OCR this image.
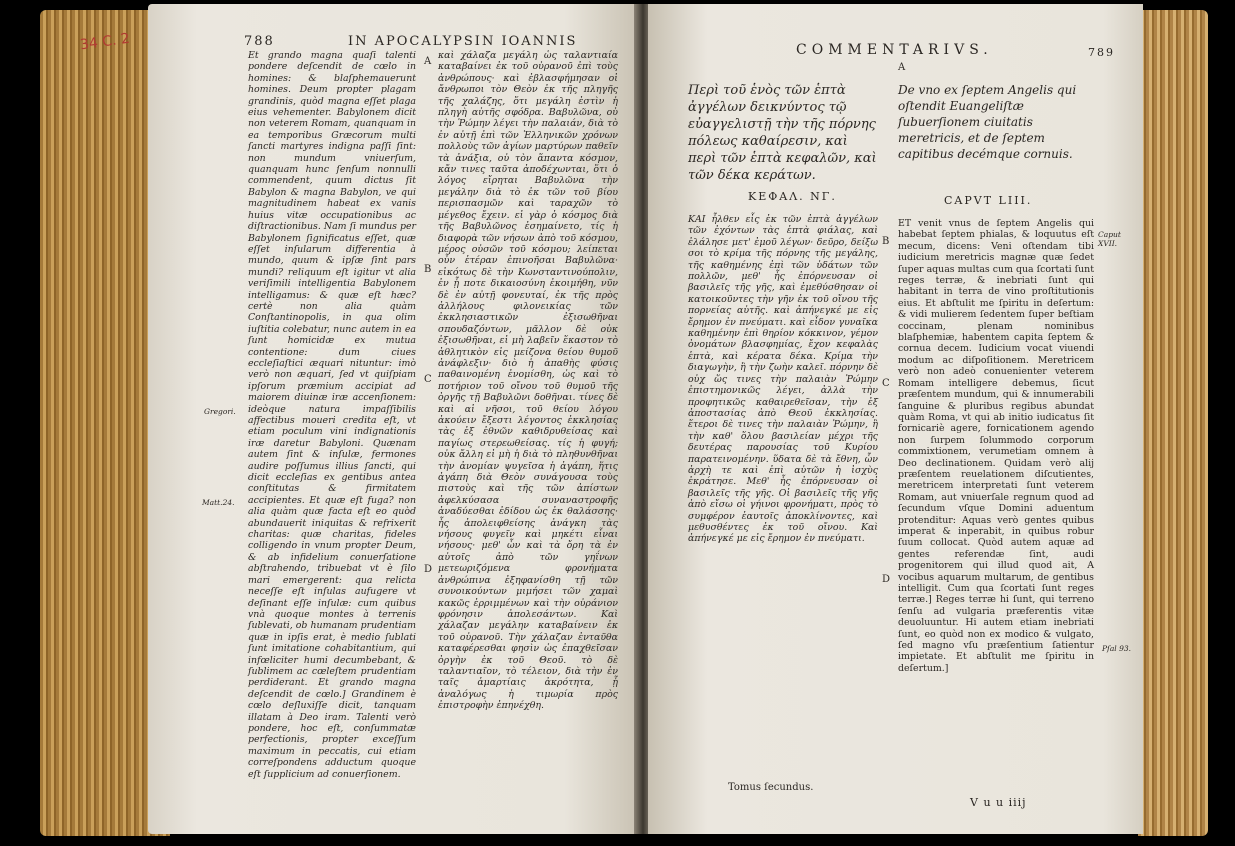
34 C. 2	788	IN APOCALYPSIN IOANNIS
Et grando magna quaſi talenti pondere deſcendit de cœlo in homines: & blaſphemauerunt homines. Deum propter plagam grandinis, quòd magna eſſet plaga eius vehementer. Babylonem dicit non veterem Romam, quanquam in ea temporibus Græcorum multi ſancti martyres indigna paſſi ſint: non mundum vniuerſum, quanquam hunc ſenſum nonnulli commendent, quum dictus ſit Babylon & magna Babylon, ve qui magnitudinem habeat ex vanis huius vitæ occupationibus ac diſtractionibus. Nam ſi mundus per Babylonem ſignificatus eſſet, quæ eſſet inſularum differentia à mundo, quum & ipſæ ſint pars mundi? reliquum eſt igitur vt alia veriſimili intelligentia Babylonem intelligamus: & quæ eſt hæc? certè non alia quàm Conſtantinopolis, in qua olim iuſtitia colebatur, nunc autem in ea ſunt homicidæ ex mutua contentione: dum ciues eccleſiaſtici æquari nituntur: imò verò non æquari, ſed vt quiſpiam ipſorum præmium accipiat ad maiorem diuinæ iræ accenſionem: ideòque natura impaſſibilis affectibus moueri credita eſt, vt etiam poculum vini indignationis iræ daretur Babyloni. Quænam autem ſint & inſulæ, fermones audire poſſumus illius ſancti, qui dicit eccleſias ex gentibus antea conſtitutas & firmitatem accipientes. Et quæ eſt fuga? non alia quàm quæ facta eſt eo quòd abundauerit iniquitas & refrixerit charitas: quæ charitas, fideles colligendo in vnum propter Deum, & ab infidelium conuerſatione abſtrahendo, tribuebat vt è ſilo mari emergerent: qua relicta neceſſe eſt inſulas aufugere vt deſinant eſſe inſulæ: cum quibus vnà quoque montes à terrenis ſublevati, ob humanam prudentiam quæ in ipſis erat, è medio ſublati ſunt imitatione cohabitantium, qui infœliciter humi decumbebant, & ſublimem ac cœleſtem prudentiam perdiderant. Et grando magna deſcendit de cœlo.] Grandinem è cœlo deſluxiſſe dicit, tanquam illatam à Deo iram. Talenti verò pondere, hoc eſt, conſummatæ perfectionis, propter exceſſum maximum in peccatis, cui etiam correſpondens adductum quoque eſt ſupplicium ad conuerſionem.
A
B
C
D
καὶ χάλαζα μεγάλη ὡς ταλαντιαία καταβαίνει ἐκ τοῦ οὐρανοῦ ἐπὶ τοὺς ἀνθρώπους· καὶ ἐβλασφήμησαν οἱ ἄνθρωποι τὸν Θεὸν ἐκ τῆς πληγῆς τῆς χαλάζης, ὅτι μεγάλη ἐστὶν ἡ πληγὴ αὐτῆς σφόδρα. Βαβυλῶνα, οὐ τὴν Ῥώμην λέγει τὴν παλαιάν, διὰ τὸ ἐν αὐτῇ ἐπὶ τῶν Ἑλληνικῶν χρόνων πολλοὺς τῶν ἁγίων μαρτύρων παθεῖν τὰ ἀνάξια, οὐ τὸν ἅπαντα κόσμον, κἄν τινες ταῦτα ἀποδέχωνται, ὅτι ὁ λόγος εἴρηται Βαβυλῶνα τὴν μεγάλην διὰ τὸ ἐκ τῶν τοῦ βίου περισπασμῶν καὶ ταραχῶν τὸ μέγεθος ἔχειν. εἰ γὰρ ὁ κόσμος διὰ τῆς Βαβυλῶνος ἐσημαίνετο, τίς ἡ διαφορὰ τῶν νήσων ἀπὸ τοῦ κόσμου, μέρος οὐσῶν τοῦ κόσμου; λείπεται οὖν ἑτέραν ἐπινοῆσαι Βαβυλῶνα· εἰκότως δὲ τὴν Κωνσταντινούπολιν, ἐν ᾗ ποτε δικαιοσύνη ἐκοιμήθη, νῦν δὲ ἐν αὐτῇ φονευταί, ἐκ τῆς πρὸς ἀλλήλους φιλονεικίας τῶν ἐκκλησιαστικῶν ἐξισωθῆναι σπουδαζόντων, μᾶλλον δὲ οὐκ ἐξισωθῆναι, εἰ μὴ λαβεῖν ἕκαστον τὸ ἀθλητικὸν εἰς μείζονα θείου θυμοῦ ἀνάφλεξιν· διὸ ἡ ἀπαθὴς φύσις παθαινομένη ἐνομίσθη, ὡς καὶ τὸ ποτήριον τοῦ οἴνου τοῦ θυμοῦ τῆς ὀργῆς τῇ Βαβυλῶνι δοθῆναι. τίνες δὲ καὶ αἱ νῆσοι, τοῦ θείου λόγου ἀκούειν ἔξεστι λέγοντος ἐκκλησίας τὰς ἐξ ἐθνῶν καθιδρυθείσας καὶ παγίως στερεωθείσας. τίς ἡ φυγή; οὐκ ἄλλη εἰ μὴ ἡ διὰ τὸ πληθυνθῆναι τὴν ἀνομίαν ψυγεῖσα ἡ ἀγάπη, ἥτις ἀγάπη διὰ Θεὸν συνάγουσα τοὺς πιστοὺς καὶ τῆς τῶν ἀπίστων ἀφελκύσασα συναναστροφῆς ἀναδύεσθαι ἐδίδου ὡς ἐκ θαλάσσης· ἧς ἀπολειφθείσης ἀνάγκη τὰς νήσους φυγεῖν καὶ μηκέτι εἶναι νήσους· μεθ' ὧν καὶ τὰ ὄρη τὰ ἐν αὐτοῖς ἀπὸ τῶν γηΐνων μετεωριζόμενα φρονήματα ἀνθρώπινα ἐξηφανίσθη τῇ τῶν συνοικούντων μιμήσει τῶν χαμαὶ κακῶς ἐρριμμένων καὶ τὴν οὐράνιον φρόνησιν ἀπολεσάντων. Καὶ χάλαζαν μεγάλην καταβαίνειν ἐκ τοῦ οὐρανοῦ. Τὴν χάλαζαν ἐνταῦθα καταφέρεσθαι φησὶν ὡς ἐπαχθεῖσαν ὀργὴν ἐκ τοῦ Θεοῦ. τὸ δὲ ταλαντιαῖον, τὸ τέλειον, διὰ τὴν ἐν ταῖς ἁμαρτίαις ἀκρότητα, ᾗ ἀναλόγως ἡ τιμωρία πρὸς ἐπιστροφὴν ἐπηνέχθη.
Gregori.
Matt.24.
COMMENTARIVS.	789
A
Περὶ τοῦ ἑνὸς τῶν ἑπτὰ ἀγγέλων δεικνύντος τῷ εὐαγγελιστῇ τὴν τῆς πόρνης πόλεως καθαίρεσιν, καὶ περὶ τῶν ἑπτὰ κεφαλῶν, καὶ τῶν δέκα κεράτων.
De vno ex ſeptem Angelis qui oſtendit Euangeliſtæ ſubuerſionem ciuitatis meretricis, et de ſeptem capitibus decémque cornuis.
ΚΕΦΑΛ. ΝΓ.	CAPVT LIII.
ΚΑΙ ἦλθεν εἷς ἐκ τῶν ἑπτὰ ἀγγέλων τῶν ἐχόντων τὰς ἑπτὰ φιάλας, καὶ ἐλάλησε μετ' ἐμοῦ λέγων· δεῦρο, δείξω σοι τὸ κρίμα τῆς πόρνης τῆς μεγάλης, τῆς καθημένης ἐπὶ τῶν ὑδάτων τῶν πολλῶν, μεθ' ἧς ἐπόρνευσαν οἱ βασιλεῖς τῆς γῆς, καὶ ἐμεθύσθησαν οἱ κατοικοῦντες τὴν γῆν ἐκ τοῦ οἴνου τῆς πορνείας αὐτῆς. καὶ ἀπήνεγκέ με εἰς ἔρημον ἐν πνεύματι. καὶ εἶδον γυναῖκα καθημένην ἐπὶ θηρίον κόκκινον, γέμον ὀνομάτων βλασφημίας, ἔχον κεφαλὰς ἑπτὰ, καὶ κέρατα δέκα. Κρίμα τὴν διαγωγὴν, ἢ τὴν ζωὴν καλεῖ. πόρνην δὲ οὐχ ὥς τινες τὴν παλαιὰν Ῥώμην ἐπιστημονικῶς λέγει, ἀλλὰ τὴν προφητικῶς καθαιρεθεῖσαν, τὴν ἐξ ἀποστασίας ἀπὸ Θεοῦ ἐκκλησίας. ἕτεροι δὲ τινες τὴν παλαιὰν Ῥώμην, ἢ τὴν καθ' ὅλου βασιλείαν μέχρι τῆς δευτέρας παρουσίας τοῦ Κυρίου παρατεινομένην. ὕδατα δὲ τὰ ἔθνη, ὧν ἀρχὴ τε καὶ ἐπὶ αὐτῶν ἡ ἰσχὺς ἐκράτησε. Μεθ' ἧς ἐπόρνευσαν οἱ βασιλεῖς τῆς γῆς. Οἱ βασιλεῖς τῆς γῆς ἀπὸ εἴσω οἱ γήινοι φρονήματι, πρὸς τὸ συμφέρον ἑαυτοῖς ἀποκλίνοντες, καὶ μεθυσθέντες ἐκ τοῦ οἴνου. Καὶ ἀπήνεγκέ με εἰς ἔρημον ἐν πνεύματι.
B
C
D
ET venit vnus de ſeptem Angelis qui habebat ſeptem phialas, & loquutus eſt mecum, dicens: Veni oſtendam tibi iudicium meretricis magnæ quæ ſedet ſuper aquas multas cum qua ſcortati ſunt reges terræ, & inebriati ſunt qui habitant in terra de vino proſtitutionis eius. Et abſtulit me ſpiritu in deſertum: & vidi mulierem ſedentem ſuper beſtiam coccinam, plenam nominibus blaſphemiæ, habentem capita ſeptem & cornua decem. Iudicium vocat viuendi modum ac diſpoſitionem. Meretricem verò non adeò conuenienter veterem Romam intelligere debemus, ſicut præſentem mundum, qui & innumerabili ſanguine & pluribus regibus abundat quàm Roma, vt qui ab initio iudicatus ſit fornicariè agere, fornicationem agendo non ſurpem ſolummodo corporum commixtionem, verumetiam omnem à Deo declinationem. Quidam verò alij præſentem reuelationem diſcutientes, meretricem interpretati ſunt veterem Romam, aut vniuerſale regnum quod ad ſecundum vſque Domini aduentum protenditur: Aquas verò gentes quibus imperat & inperabit, in quibus robur ſuum collocat. Quòd autem aquæ ad gentes referendæ ſint, audi progenitorem qui illud quod ait, A vocibus aquarum multarum, de gentibus intelligit. Cum qua ſcortati ſunt reges terræ.] Reges terræ hi ſunt, qui terreno ſenſu ad vulgaria præferentis vitæ deuoluuntur. Hi autem etiam inebriati ſunt, eo quòd non ex modico & vulgato, ſed magno vſu præſentium ſatientur impietate. Et abſtulit me ſpiritu in deſertum.]
Caput XVII.
Pſal 93.
Tomus ſecundus.
V u u iiij
